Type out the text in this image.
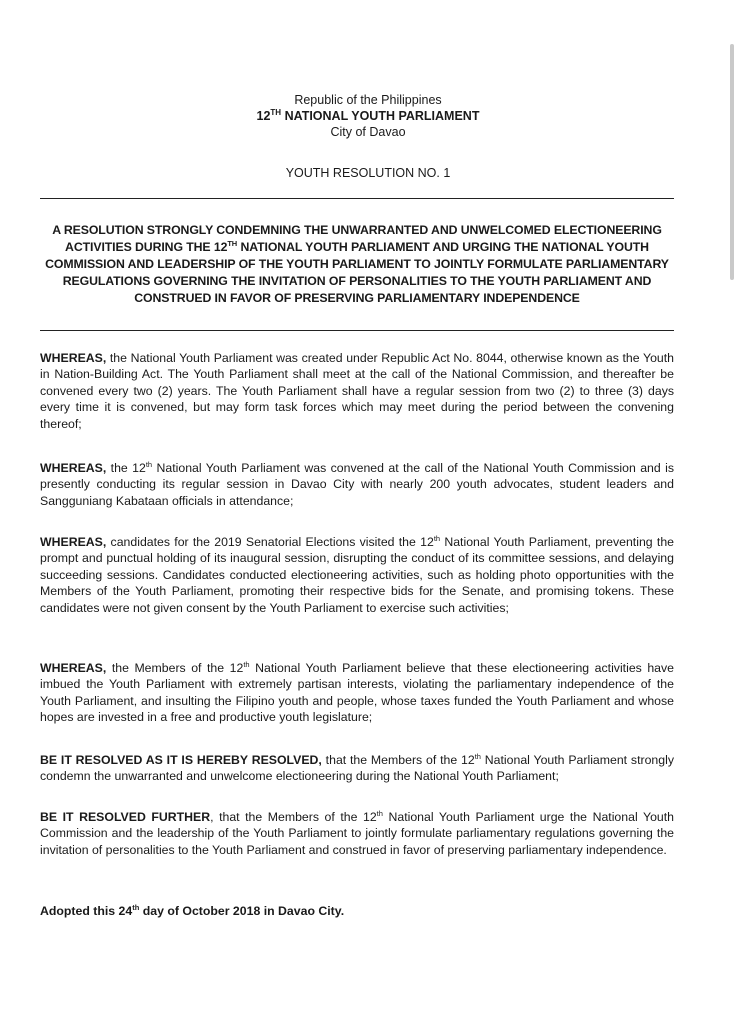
Republic of the Philippines
12TH NATIONAL YOUTH PARLIAMENT
City of Davao
YOUTH RESOLUTION NO. 1
A RESOLUTION STRONGLY CONDEMNING THE UNWARRANTED AND UNWELCOMED ELECTIONEERING ACTIVITIES DURING THE 12TH NATIONAL YOUTH PARLIAMENT AND URGING THE NATIONAL YOUTH COMMISSION AND LEADERSHIP OF THE YOUTH PARLIAMENT TO JOINTLY FORMULATE PARLIAMENTARY REGULATIONS GOVERNING THE INVITATION OF PERSONALITIES TO THE YOUTH PARLIAMENT AND CONSTRUED IN FAVOR OF PRESERVING PARLIAMENTARY INDEPENDENCE
WHEREAS, the National Youth Parliament was created under Republic Act No. 8044, otherwise known as the Youth in Nation-Building Act. The Youth Parliament shall meet at the call of the National Commission, and thereafter be convened every two (2) years. The Youth Parliament shall have a regular session from two (2) to three (3) days every time it is convened, but may form task forces which may meet during the period between the convening thereof;
WHEREAS, the 12th National Youth Parliament was convened at the call of the National Youth Commission and is presently conducting its regular session in Davao City with nearly 200 youth advocates, student leaders and Sangguniang Kabataan officials in attendance;
WHEREAS, candidates for the 2019 Senatorial Elections visited the 12th National Youth Parliament, preventing the prompt and punctual holding of its inaugural session, disrupting the conduct of its committee sessions, and delaying succeeding sessions. Candidates conducted electioneering activities, such as holding photo opportunities with the Members of the Youth Parliament, promoting their respective bids for the Senate, and promising tokens. These candidates were not given consent by the Youth Parliament to exercise such activities;
WHEREAS, the Members of the 12th National Youth Parliament believe that these electioneering activities have imbued the Youth Parliament with extremely partisan interests, violating the parliamentary independence of the Youth Parliament, and insulting the Filipino youth and people, whose taxes funded the Youth Parliament and whose hopes are invested in a free and productive youth legislature;
BE IT RESOLVED AS IT IS HEREBY RESOLVED, that the Members of the 12th National Youth Parliament strongly condemn the unwarranted and unwelcome electioneering during the National Youth Parliament;
BE IT RESOLVED FURTHER, that the Members of the 12th National Youth Parliament urge the National Youth Commission and the leadership of the Youth Parliament to jointly formulate parliamentary regulations governing the invitation of personalities to the Youth Parliament and construed in favor of preserving parliamentary independence.
Adopted this 24th day of October 2018 in Davao City.
